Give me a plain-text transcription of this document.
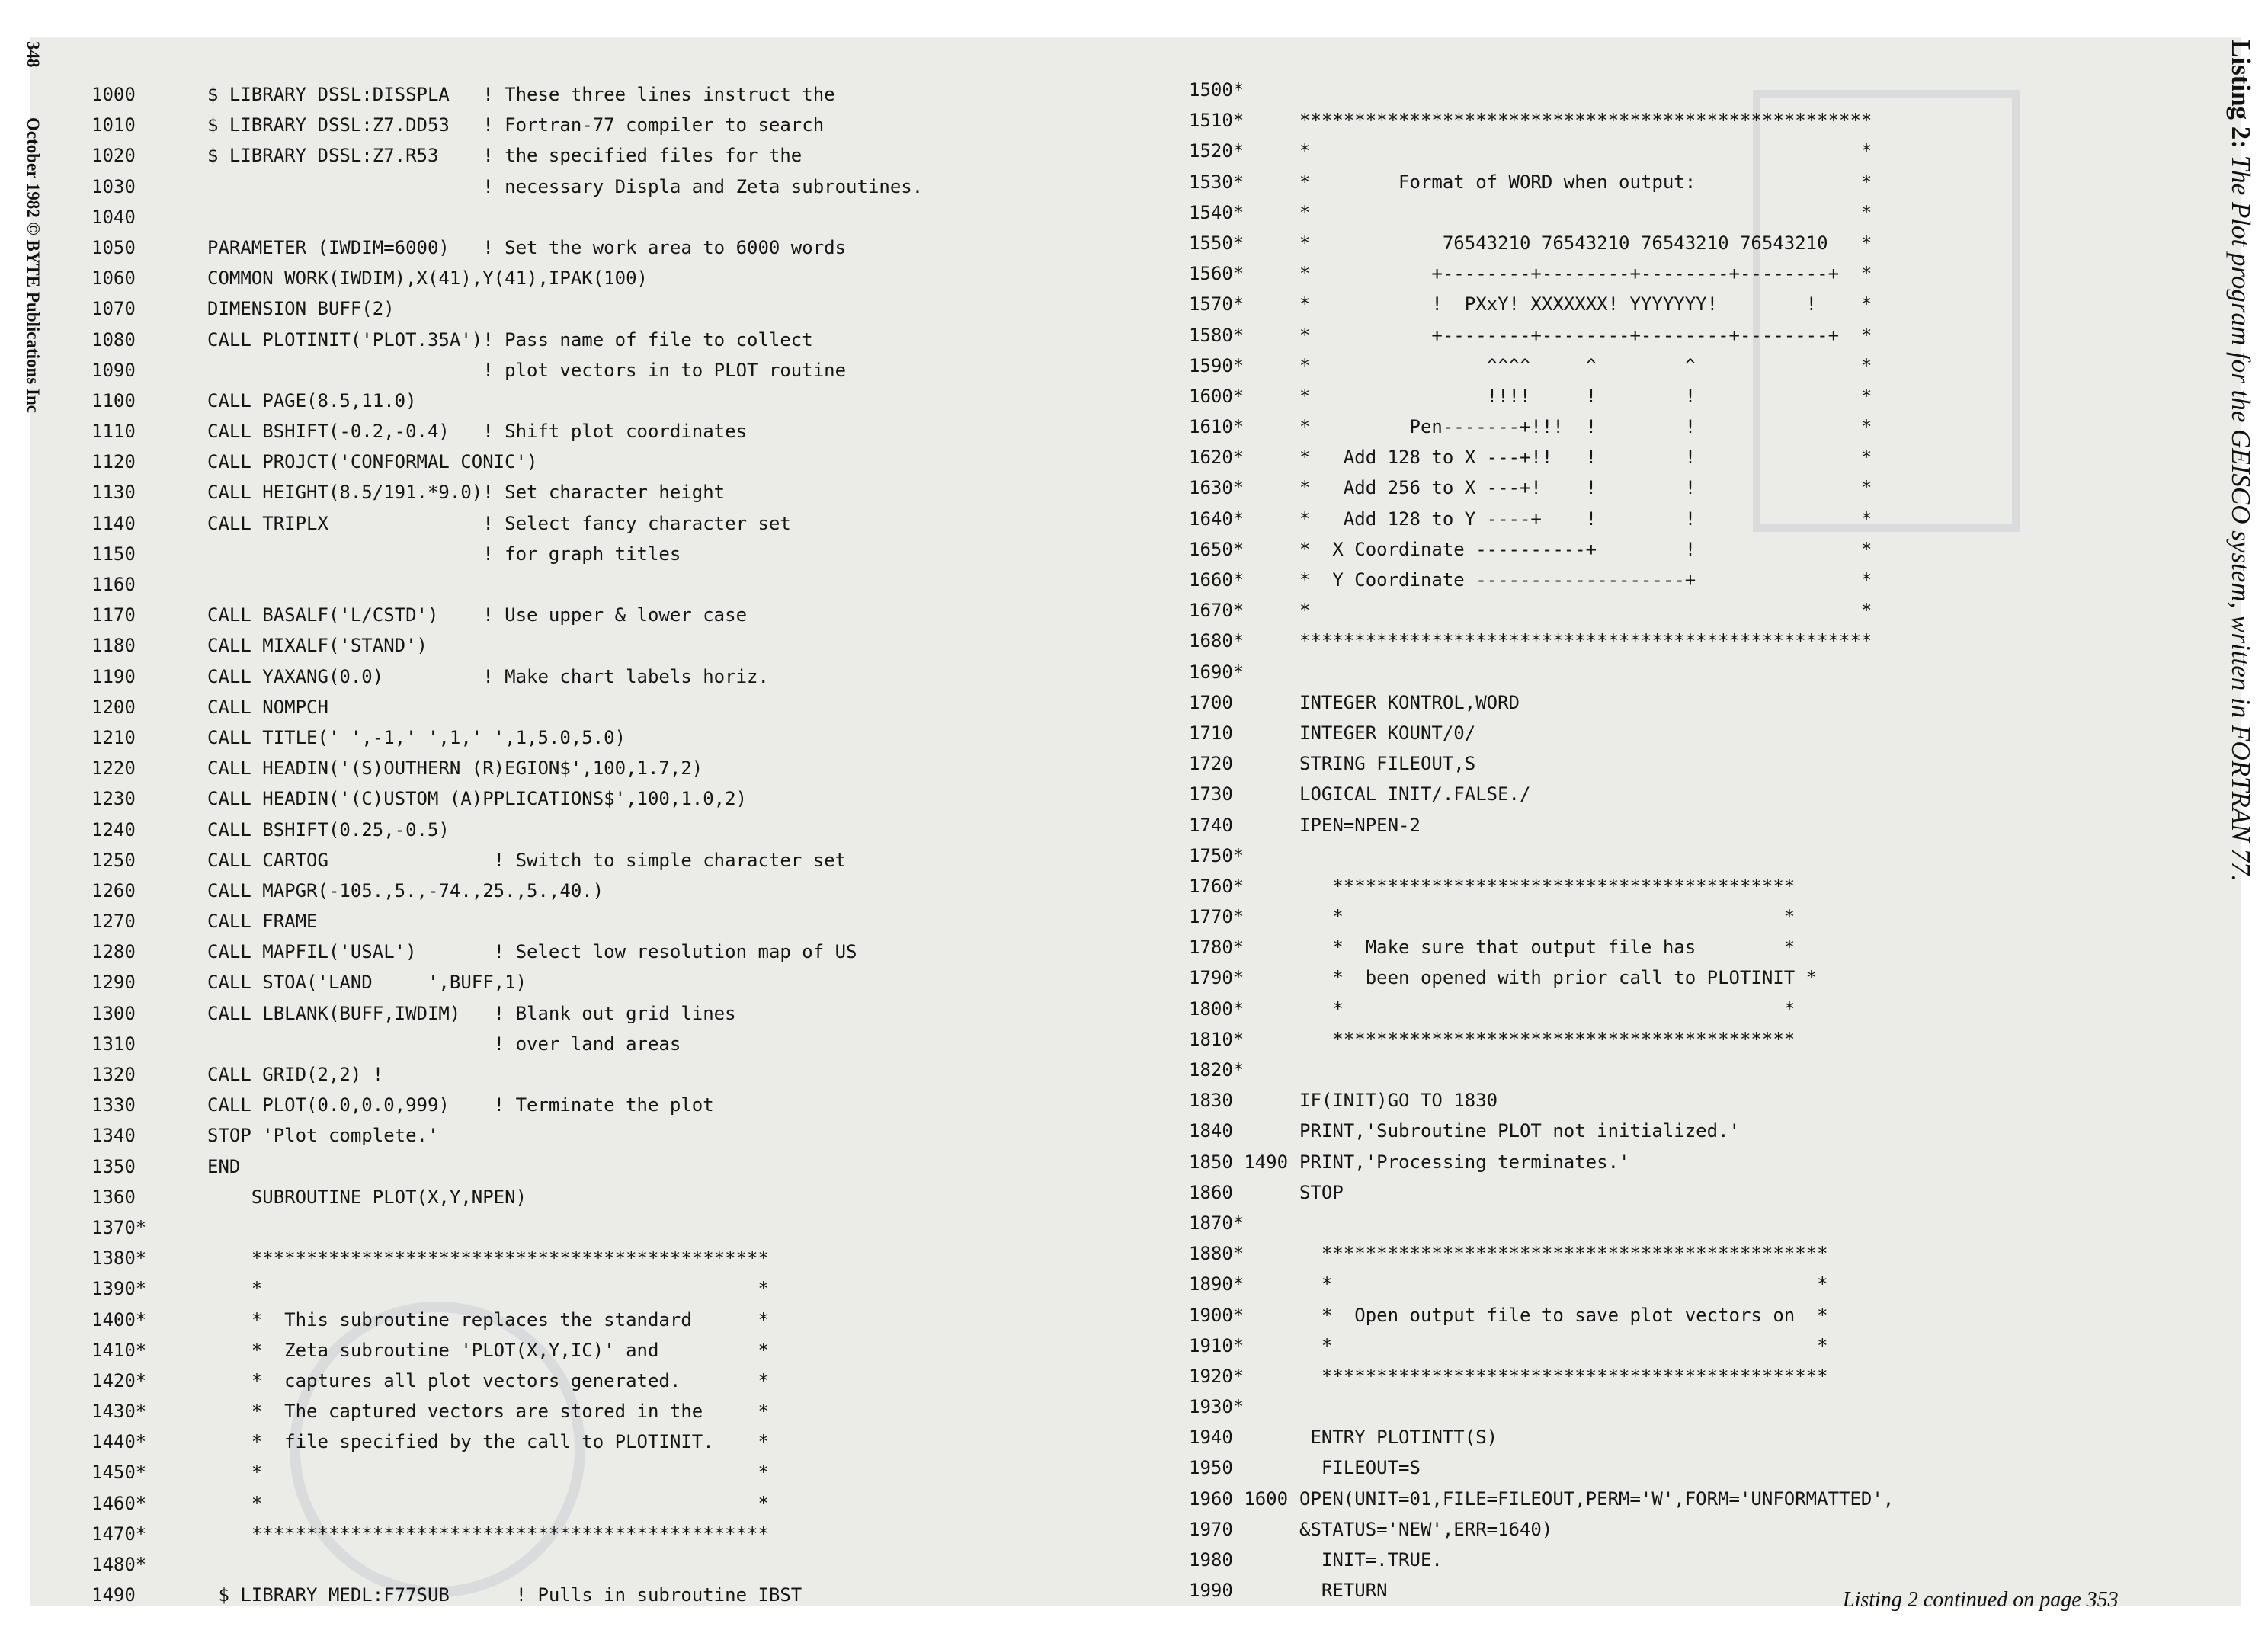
348
October 1982 © BYTE Publications Inc
Listing 2: The Plot program for the GEISCO system, written in FORTRAN 77.
1000	$ LIBRARY DSSL:DISSPLA   ! These three lines instruct the
1010	$ LIBRARY DSSL:Z7.DD53   ! Fortran-77 compiler to search
1020	$ LIBRARY DSSL:Z7.R53    ! the specified files for the
1030	! necessary Displa and Zeta subroutines.
1040
1050	PARAMETER (IWDIM=6000)   ! Set the work area to 6000 words
1060	COMMON WORK(IWDIM),X(41),Y(41),IPAK(100)
1070	DIMENSION BUFF(2)
1080	CALL PLOTINIT('PLOT.35A')! Pass name of file to collect
1090	! plot vectors in to PLOT routine
1100	CALL PAGE(8.5,11.0)
1110	CALL BSHIFT(-0.2,-0.4)   ! Shift plot coordinates
1120	CALL PROJCT('CONFORMAL CONIC')
1130	CALL HEIGHT(8.5/191.*9.0)! Set character height
1140	CALL TRIPLX              ! Select fancy character set
1150	! for graph titles
1160
1170	CALL BASALF('L/CSTD')    ! Use upper & lower case
1180	CALL MIXALF('STAND')
1190	CALL YAXANG(0.0)         ! Make chart labels horiz.
1200	CALL NOMPCH
1210	CALL TITLE(' ',-1,' ',1,' ',1,5.0,5.0)
1220	CALL HEADIN('(S)OUTHERN (R)EGION$',100,1.7,2)
1230	CALL HEADIN('(C)USTOM (A)PPLICATIONS$',100,1.0,2)
1240	CALL BSHIFT(0.25,-0.5)
1250	CALL CARTOG               ! Switch to simple character set
1260	CALL MAPGR(-105.,5.,-74.,25.,5.,40.)
1270	CALL FRAME
1280	CALL MAPFIL('USAL')       ! Select low resolution map of US
1290	CALL STOA('LAND     ',BUFF,1)
1300	CALL LBLANK(BUFF,IWDIM)   ! Blank out grid lines
1310	! over land areas
1320	CALL GRID(2,2) !
1330	CALL PLOT(0.0,0.0,999)    ! Terminate the plot
1340	STOP 'Plot complete.'
1350	END
1360	SUBROUTINE PLOT(X,Y,NPEN)
1370*
1380*	***********************************************
1390*	*                                             *
1400*	*  This subroutine replaces the standard      *
1410*	*  Zeta subroutine 'PLOT(X,Y,IC)' and         *
1420*	*  captures all plot vectors generated.       *
1430*	*  The captured vectors are stored in the     *
1440*	*  file specified by the call to PLOTINIT.    *
1450*	*                                             *
1460*	*                                             *
1470*	***********************************************
1480*
1490	$ LIBRARY MEDL:F77SUB      ! Pulls in subroutine IBST
1500*
1510*	****************************************************
1520*	*                                                  *
1530*	*        Format of WORD when output:               *
1540*	*                                                  *
1550*	*            76543210 76543210 76543210 76543210   *
1560*	*           +--------+--------+--------+--------+  *
1570*	*           !  PXxY! XXXXXXX! YYYYYYY!        !    *
1580*	*           +--------+--------+--------+--------+  *
1590*	*                ^^^^     ^        ^               *
1600*	*                !!!!     !        !               *
1610*	*         Pen-------+!!!  !        !               *
1620*	*   Add 128 to X ---+!!   !        !               *
1630*	*   Add 256 to X ---+!    !        !               *
1640*	*   Add 128 to Y ----+    !        !               *
1650*	*  X Coordinate ----------+        !               *
1660*	*  Y Coordinate -------------------+               *
1670*	*                                                  *
1680*	****************************************************
1690*
1700	INTEGER KONTROL,WORD
1710	INTEGER KOUNT/0/
1720	STRING FILEOUT,S
1730	LOGICAL INIT/.FALSE./
1740	IPEN=NPEN-2
1750*
1760*	******************************************
1770*	*                                        *
1780*	*  Make sure that output file has        *
1790*	*  been opened with prior call to PLOTINIT *
1800*	*                                        *
1810*	******************************************
1820*
1830	IF(INIT)GO TO 1830
1840	PRINT,'Subroutine PLOT not initialized.'
1850 1490 PRINT,'Processing terminates.'
1860	STOP
1870*
1880*	**********************************************
1890*	*                                            *
1900*	*  Open output file to save plot vectors on  *
1910*	*                                            *
1920*	**********************************************
1930*
1940	ENTRY PLOTINTT(S)
1950	FILEOUT=S
1960 1600 OPEN(UNIT=01,FILE=FILEOUT,PERM='W',FORM='UNFORMATTED',
1970	&STATUS='NEW',ERR=1640)
1980	INIT=.TRUE.
1990	RETURN	Listing 2 continued on page 353
